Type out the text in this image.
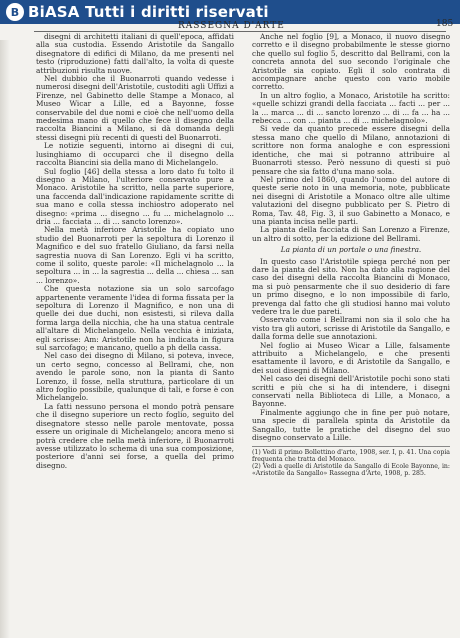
B BiASA Tutti i diritti riservati
RASSEGNA D'ARTE	185

disegni di architetti italiani di quell'epoca, affidati alla sua custodia. Essendo Aristotile da Sangallo disegnatore di edifici di Milano, da me presenti nel testo (riproduzione) fatti dall'alto, la volta di queste attribuzioni risulta nuove.

Nel dubbio che il Buonarroti quando vedesse i numerosi disegni dell'Aristotile, custoditi agli Uffizi a Firenze, nel Gabinetto delle Stampe a Monaco, al Museo Wicar a Lille, ed a Bayonne, fosse conservabile del due nomi e cioè che nell'uomo della medesima mano di quello che fece il disegno della raccolta Biancini a Milano, si dà domanda degli stessi disegni più recenti di questi del Buonarroti.

Le notizie seguenti, intorno ai disegni di cui, lusinghiamo di occuparci che il disegno della raccolta Biancini sia della mano di Michelangelo.

Sul foglio [46] della stessa a loro dato fu tolto il disegno a Milano, l'ulteriore conservato pure a Monaco. Aristotile ha scritto, nella parte superiore, una faccenda dall'indicazione rapidamente scritte di sua mano e colla stessa inchiostro adoperato nel disegno: «prima ... disegno ... fu ... michelagnolo ... dria ... facciata ... di ... sancto lorenzo».

Nella metà inferiore Aristotile ha copiato uno studio del Buonarroti per la sepoltura di Lorenzo il Magnifico e del suo fratello Giuliano, da farsi nella sagrestia nuova di San Lorenzo. Egli vi ha scritto, come il solito, queste parole: «Il michelagnolo ... la sepoltura ... in ... la sagrestia ... della ... chiesa ... san ... lorenzo».

Che questa notazione sia un solo sarcofago appartenente veramente l'idea di forma fissata per la sepoltura di Lorenzo il Magnifico, e non una di quelle dei due duchi, non esistesti, si rileva dalla forma larga della nicchia, che ha una statua centrale all'altare di Michelangelo. Nella vecchia è iniziata, egli scrisse: Am: Aristotile non ha indicata in figura sul sarcofago; e mancano, quello a ph della cassa.

Nel caso dei disegno di Milano, si poteva, invece, un certo segno, concesso al Bellrami, che, non avendo le parole sono, non la pianta di Santo Lorenzo, il fosse, nella struttura, particolare di un altro foglio possibile, qualunque di tali, e forse è con Michelangelo.

La fatti nessuno persona el mondo potrà pensare che il disegno superiore un recto foglio, seguito del disegnatore stesso nelle parole mentovate, possa essere un originale di Michelangelo; ancora meno si potrà credere che nella metà inferiore, il Buonarroti avesse utilizzato lo schema di una sua composizione, posteriore d'anni sei forse, a quella del primo disegno.

Anche nel foglio [9], a Monaco, il nuovo disegno corretto e il disegno probabilmente le stesse giorno che quello sul foglio 5, descritto dal Bellrami, con la concreta annota del suo secondo l'originale che Aristotile sia copiato. Egli il solo contrata di accompagnare anche questo con vario mobile corretto.

In un altro foglio, a Monaco, Aristotile ha scritto: «quelle schizzi grandi della facciata ... facti ... per ... la ... marca ... di ... sancto lorenzo ... di ... fa ... ha ... rebecca ... con ... pianta ... di ... michelagnolo».

Si vede da quanto precede essere disegni della stessa mano che quello di Milano, annotazioni di scrittore non forma analoghe e con espressioni identiche, che mai si potranno attribuire al Buonarroti stesso. Però nessuno di questi si può pensare che sia fatto d'una mano sola.

Nel primo del 1860, quando l'uomo del autore di queste serie noto in una memoria, note, pubblicate nei disegni di Aristotile a Monaco oltre alle ultime valutazioni del disegno pubblicato per S. Pietro di Roma, Tav. 48, Fig. 3, il suo Gabinetto a Monaco, e una pianta incisa nelle parti.

La pianta della facciata di San Lorenzo a Firenze, un altro di sotto, per la edizione del Bellrami.

La pianta di un portale o una finestra.

In questo caso l'Aristotile spiega perché non per dare la pianta del sito. Non ha dato alla ragione del caso dei disegni della raccolta Biancini di Monaco, ma si può pensarmente che il suo desiderio di fare un primo disegno, e lo non impossibile di farlo, prevenga dal fatto che gli studiosi hanno mai voluto vedere tra le due pareti.

Osservato come i Bellrami non sia il solo che ha visto tra gli autori, scrisse di Aristotile da Sangallo, e dalla forma delle sue annotazioni.

Nel foglio ai Museo Wicar a Lille, falsamente attribuito a Michelangelo, e che presenti esattamente il lavoro, e di Aristotile da Sangallo, e dei suoi disegni di Milano.

Nel caso dei disegni dell'Aristotile pochi sono stati scritti e più che si ha di intendere, i disegni conservati nella Biblioteca di Lille, a Monaco, a Bayonne.

Finalmente aggiungo che in fine per può notare, una specie di parallela spinta da Aristotile da Sangallo, tutte le pratiche del disegno del suo disegno conservato a Lille.

(1) Vedi il primo Bollettino d'arte, 1908, ser. I, p. 41. Una copia frequenta che tratta del Monaco.

(2) Vedi a quelle di Aristotile da Sangallo di Ecole Bayonne, in: «Aristotile da Sangallo» Rassegna d'Arte, 1908, p. 285.
